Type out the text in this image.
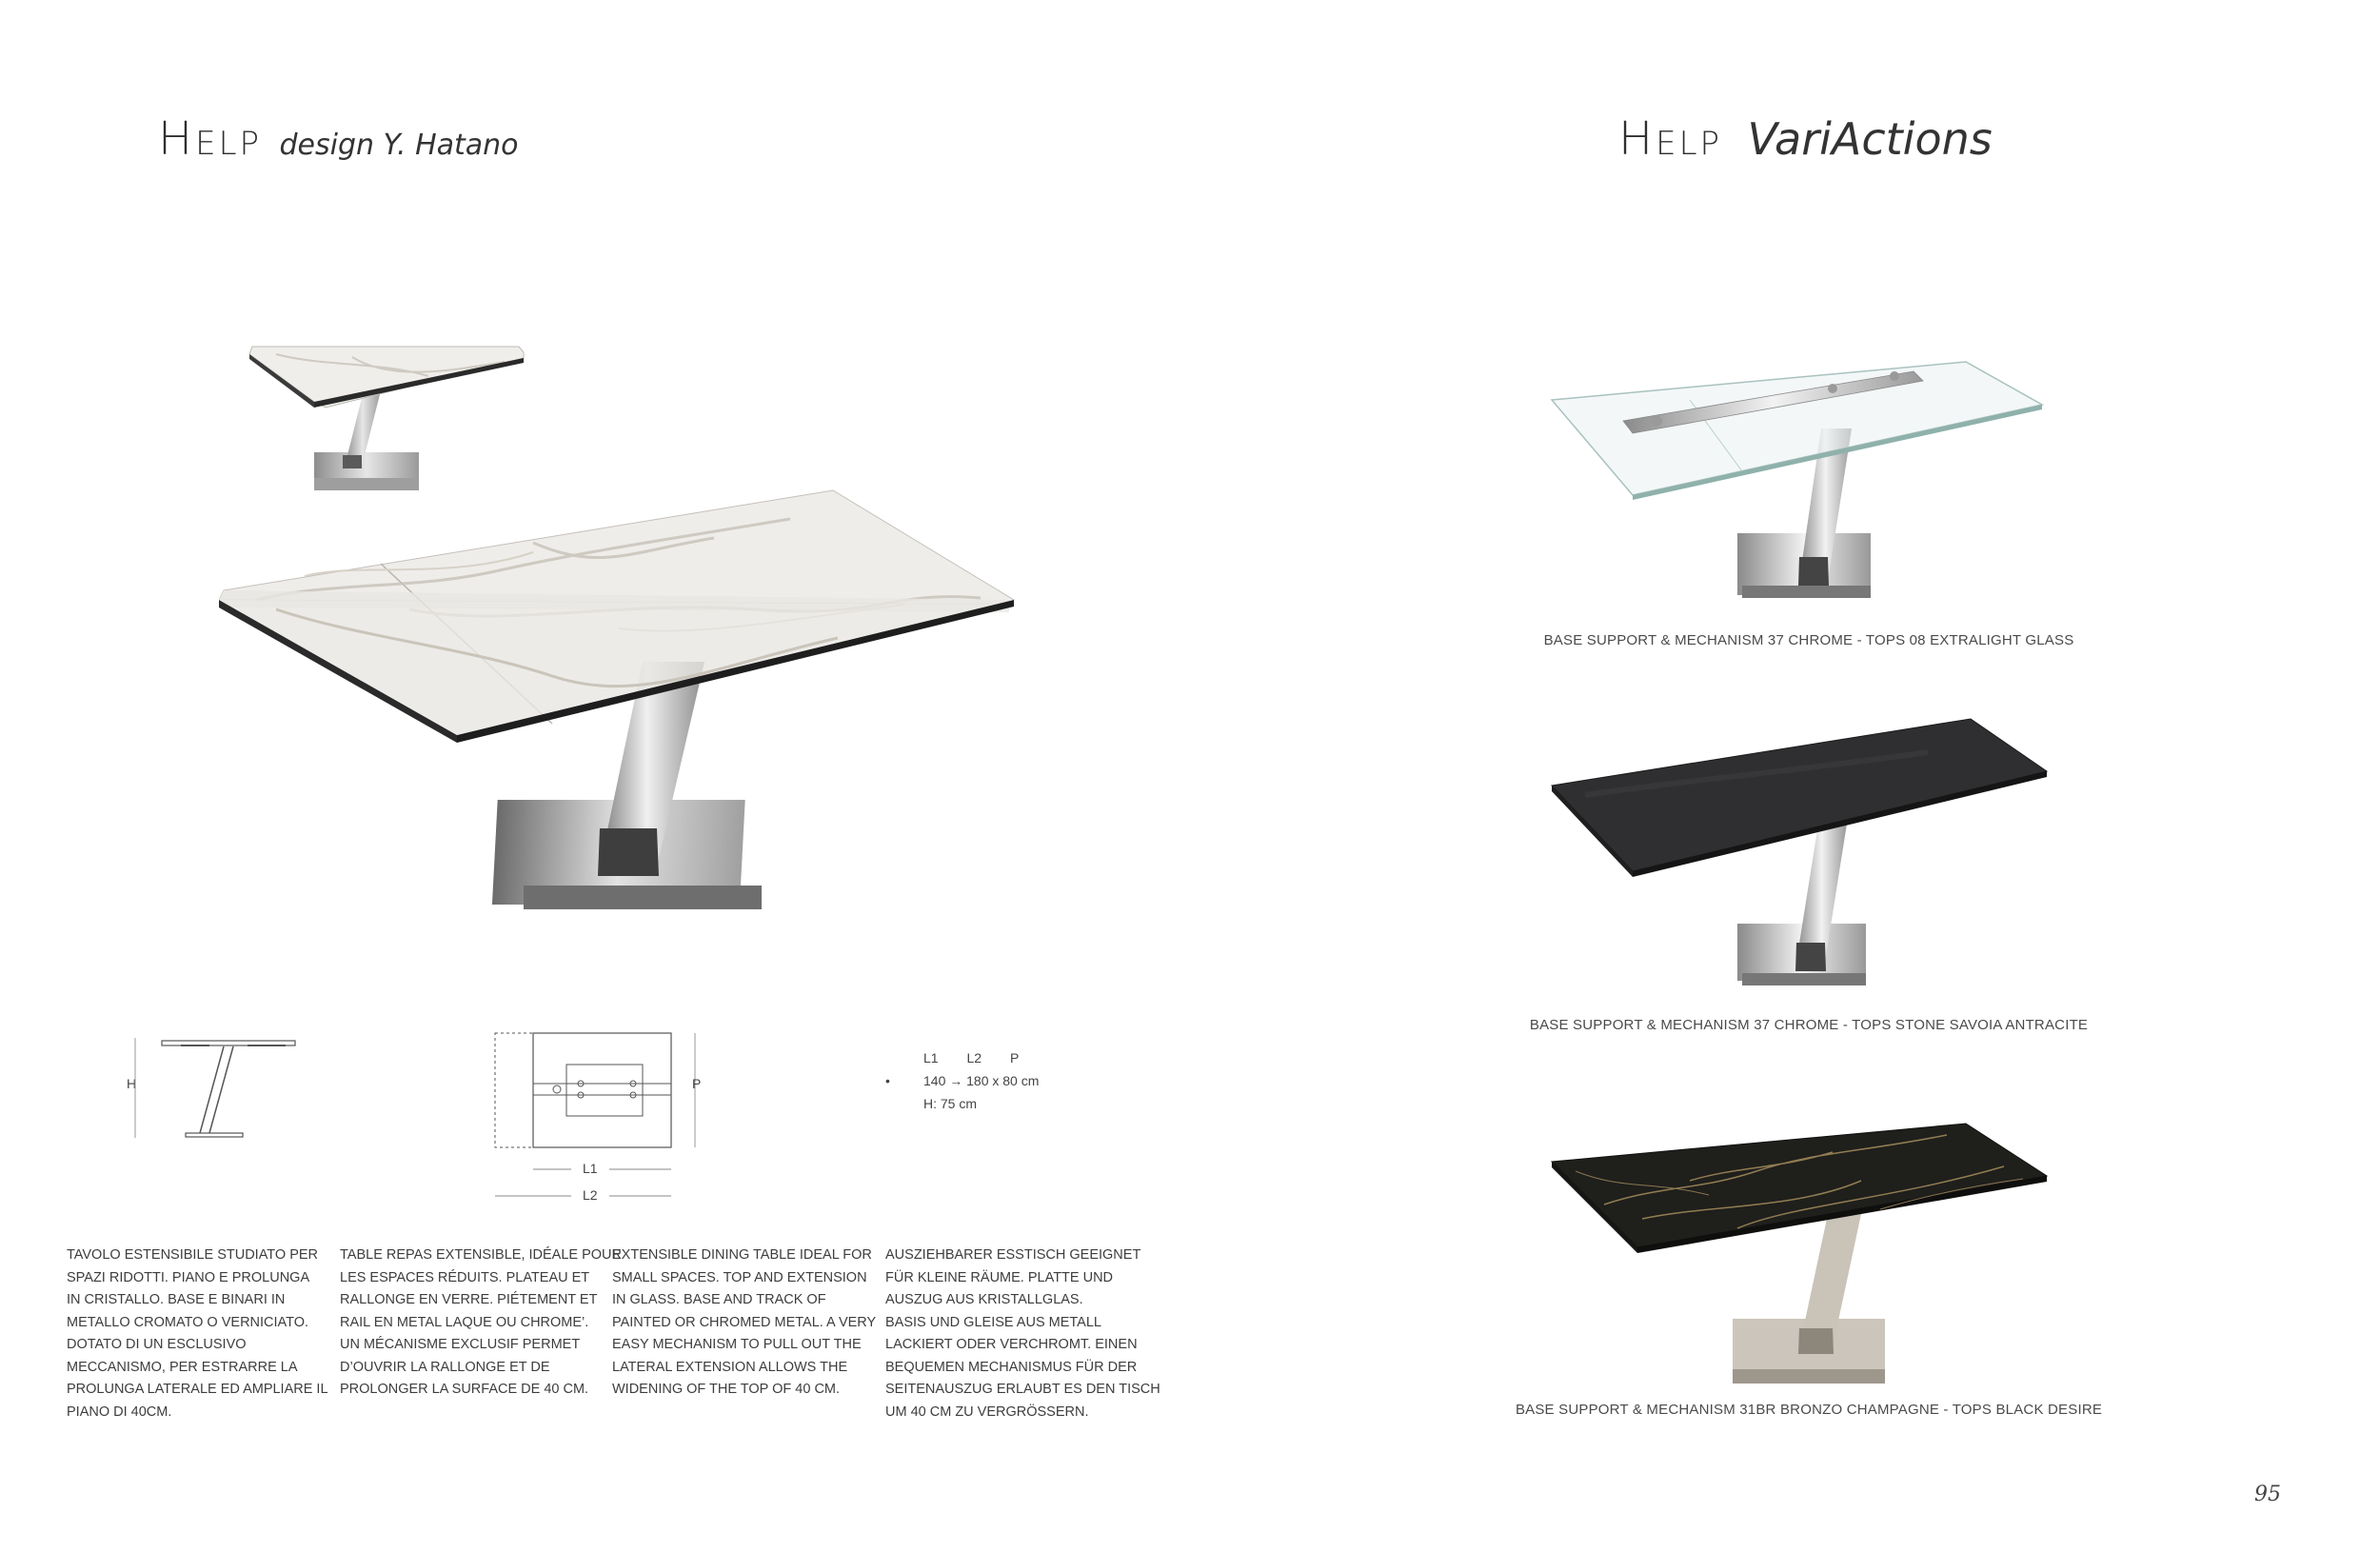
Help design Y. Hatano	Help VariActions
H	P
L1
L2
L1 L2 P
•	140 → 180 x 80 cm
H: 75 cm
TAVOLO ESTENSIBILE STUDIATO PER
SPAZI RIDOTTI. PIANO E PROLUNGA
IN CRISTALLO. BASE E BINARI IN
METALLO CROMATO O VERNICIATO.
DOTATO DI UN ESCLUSIVO
MECCANISMO, PER ESTRARRE LA
PROLUNGA LATERALE ED AMPLIARE IL
PIANO DI 40CM.
TABLE REPAS EXTENSIBLE, IDÉALE POUR
LES ESPACES RÉDUITS. PLATEAU ET
RALLONGE EN VERRE. PIÉTEMENT ET
RAIL EN METAL LAQUE OU CHROME’.
UN MÉCANISME EXCLUSIF PERMET
D’OUVRIR LA RALLONGE ET DE
PROLONGER LA SURFACE DE 40 CM.
EXTENSIBLE DINING TABLE IDEAL FOR
SMALL SPACES. TOP AND EXTENSION
IN GLASS. BASE AND TRACK OF
PAINTED OR CHROMED METAL. A VERY
EASY MECHANISM TO PULL OUT THE
LATERAL EXTENSION ALLOWS THE
WIDENING OF THE TOP OF 40 CM.
AUSZIEHBARER ESSTISCH GEEIGNET
FÜR KLEINE RÄUME. PLATTE UND
AUSZUG AUS KRISTALLGLAS.
BASIS UND GLEISE AUS METALL
LACKIERT ODER VERCHROMT. EINEN
BEQUEMEN MECHANISMUS FÜR DER
SEITENAUSZUG ERLAUBT ES DEN TISCH
UM 40 CM ZU VERGRÖSSERN.
BASE SUPPORT & MECHANISM 37 CHROME - TOPS 08 EXTRALIGHT GLASS
BASE SUPPORT & MECHANISM 37 CHROME - TOPS STONE SAVOIA ANTRACITE
BASE SUPPORT & MECHANISM 31BR BRONZO CHAMPAGNE - TOPS BLACK DESIRE
95
